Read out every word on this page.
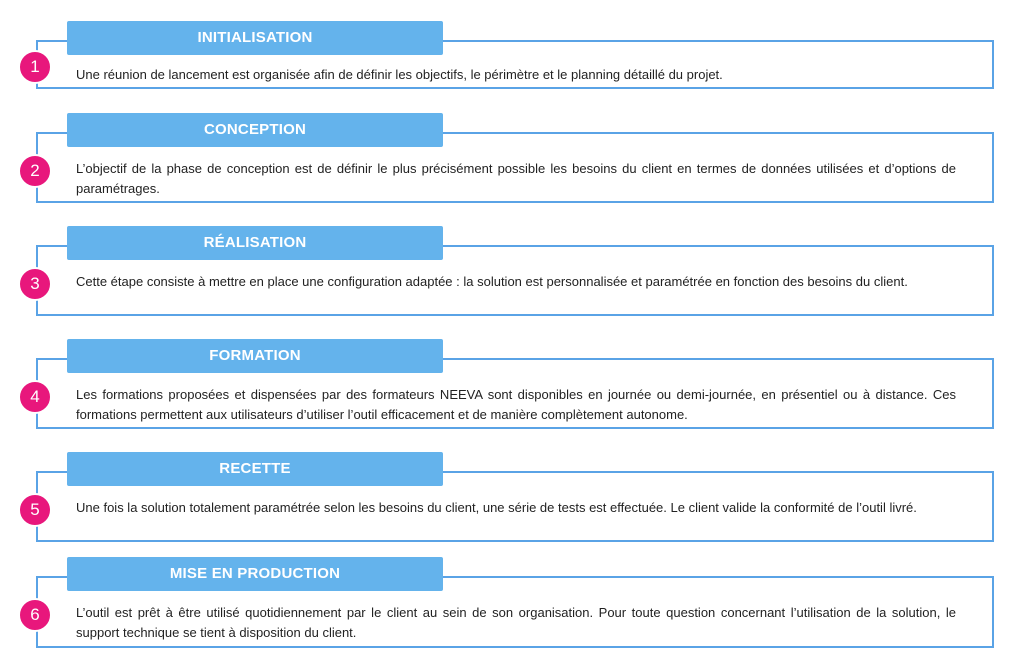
INITIALISATION
1	Une réunion de lancement est organisée afin de définir les objectifs, le périmètre et le planning détaillé du projet.

CONCEPTION
2	L’objectif de la phase de conception est de définir le plus précisément possible les besoins du client en termes de données utilisées et d’options de paramétrages.

RÉALISATION
3	Cette étape consiste à mettre en place une configuration adaptée : la solution est personnalisée et paramétrée en fonction des besoins du client.

FORMATION
4	Les formations proposées et dispensées par des formateurs NEEVA sont disponibles en journée ou demi-journée, en présentiel ou à distance. Ces formations permettent aux utilisateurs d’utiliser l’outil efficacement et de manière complètement autonome.

RECETTE
5	Une fois la solution totalement paramétrée selon les besoins du client, une série de tests est effectuée. Le client valide la conformité de l’outil livré.

MISE EN PRODUCTION
6	L’outil est prêt à être utilisé quotidiennement par le client au sein de son organisation. Pour toute question concernant l’utilisation de la solution, le support technique se tient à disposition du client.
